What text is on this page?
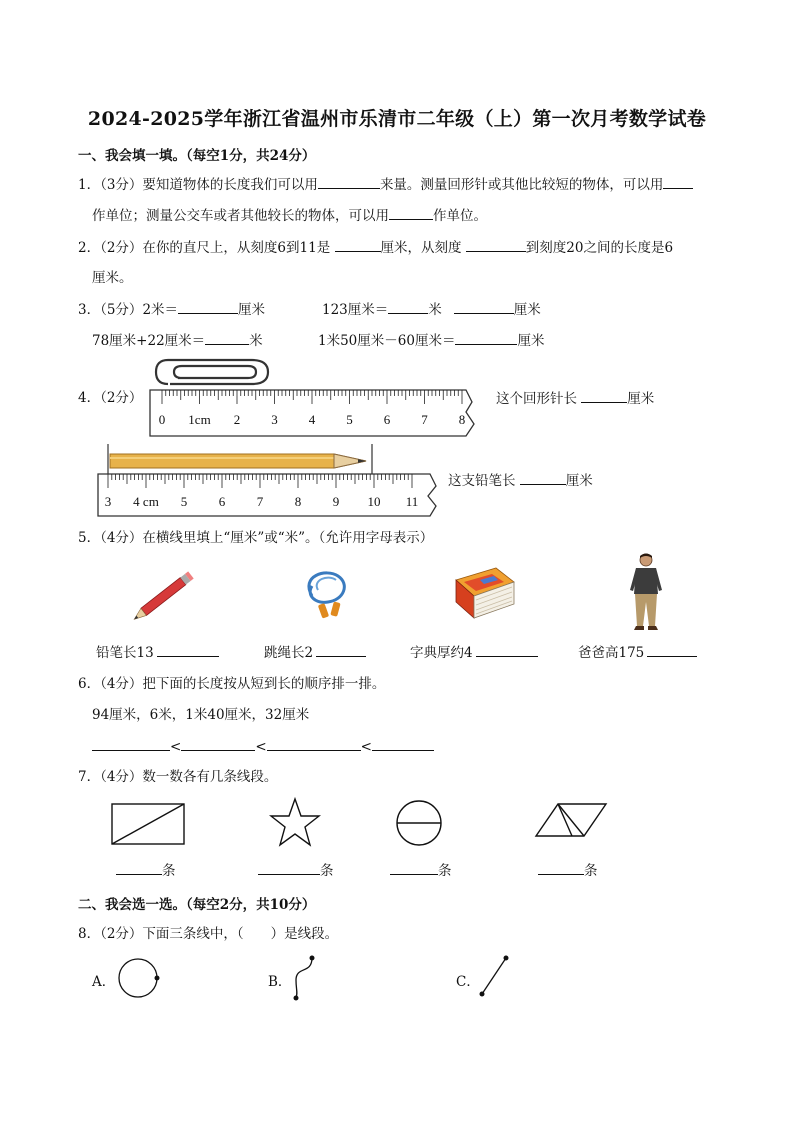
2024-2025学年浙江省温州市乐清市二年级（上）第一次月考数学试卷
一、我会填一填。（每空1分，共24分）
1．（3分）要知道物体的长度我们可以用	来量。测量回形针或其他比较短的物体，可以用
作单位；测量公交车或者其他较长的物体，可以用	作单位。
2．（2分）在你的直尺上，从刻度6到11是	厘米，从刻度	到刻度20之间的长度是6
厘米。
3．（5分）2米＝	厘米	123厘米＝	米	厘米
78厘米+22厘米＝	米	1米50厘米－60厘米＝	厘米
4．（2分）
0 1cm 2 3 4 5 6 7 8
这个回形针长	厘米
3 4 cm 5 6 7 8 9 10 11
这支铅笔长	厘米
5．（4分）在横线里填上“厘米”或“米”。（允许用字母表示）
铅笔长13	跳绳长2	字典厚约4	爸爸高175
6．（4分）把下面的长度按从短到长的顺序排一排。
94厘米，6米，1米40厘米，32厘米
<	<	<
7．（4分）数一数各有几条线段。
条	条	条	条
二、我会选一选。（每空2分，共10分）
8．（2分）下面三条线中，（　　）是线段。
A．	B．	C．
